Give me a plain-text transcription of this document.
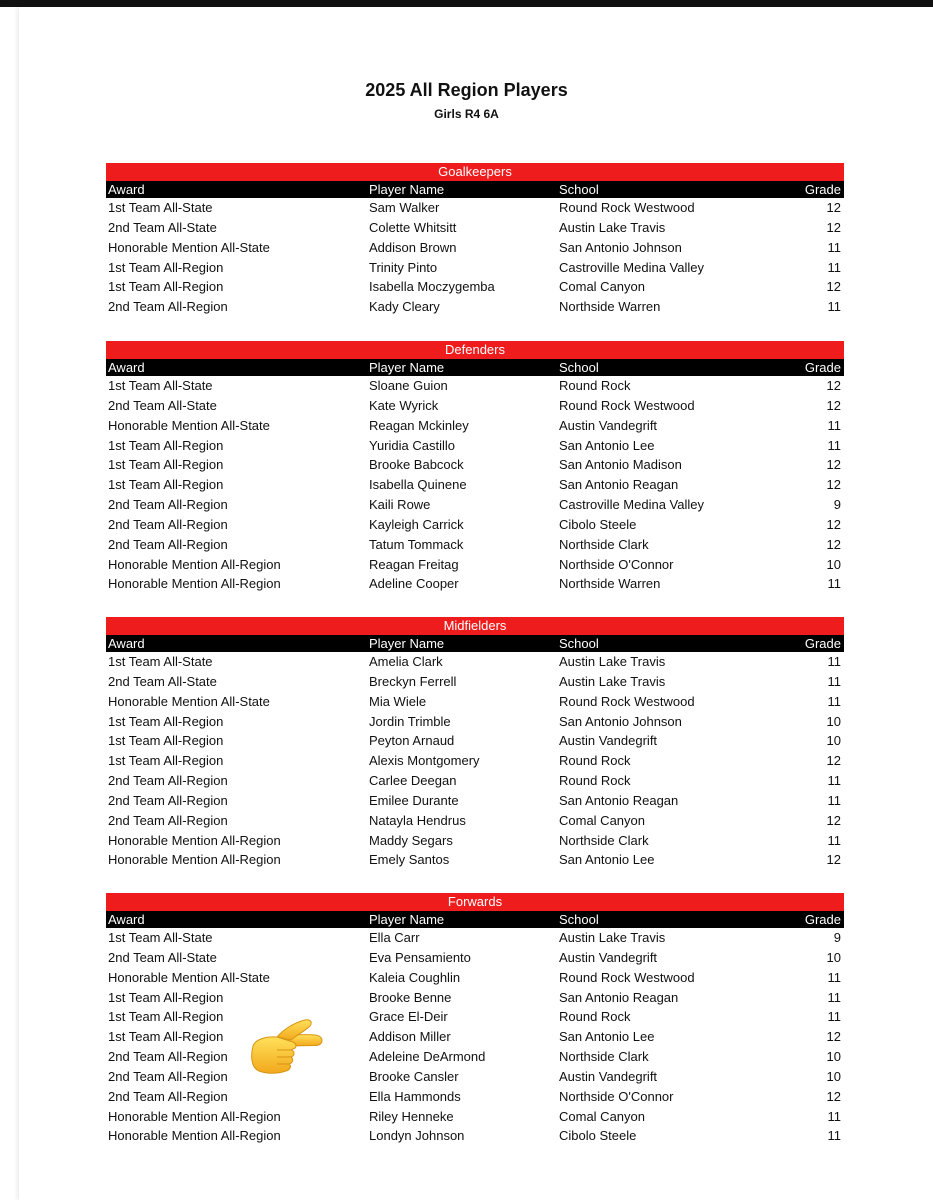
2025 All Region Players
Girls R4 6A
Goalkeepers
Award	Player Name	School	Grade
1st Team All-State	Sam Walker	Round Rock Westwood	12
2nd Team All-State	Colette Whitsitt	Austin Lake Travis	12
Honorable Mention All-State	Addison Brown	San Antonio Johnson	11
1st Team All-Region	Trinity Pinto	Castroville Medina Valley	11
1st Team All-Region	Isabella Moczygemba	Comal Canyon	12
2nd Team All-Region	Kady Cleary	Northside Warren	11
Defenders
Award	Player Name	School	Grade
1st Team All-State	Sloane Guion	Round Rock	12
2nd Team All-State	Kate Wyrick	Round Rock Westwood	12
Honorable Mention All-State	Reagan Mckinley	Austin Vandegrift	11
1st Team All-Region	Yuridia Castillo	San Antonio Lee	11
1st Team All-Region	Brooke Babcock	San Antonio Madison	12
1st Team All-Region	Isabella Quinene	San Antonio Reagan	12
2nd Team All-Region	Kaili Rowe	Castroville Medina Valley	9
2nd Team All-Region	Kayleigh Carrick	Cibolo Steele	12
2nd Team All-Region	Tatum Tommack	Northside Clark	12
Honorable Mention All-Region	Reagan Freitag	Northside O'Connor	10
Honorable Mention All-Region	Adeline Cooper	Northside Warren	11
Midfielders
Award	Player Name	School	Grade
1st Team All-State	Amelia Clark	Austin Lake Travis	11
2nd Team All-State	Breckyn Ferrell	Austin Lake Travis	11
Honorable Mention All-State	Mia Wiele	Round Rock Westwood	11
1st Team All-Region	Jordin Trimble	San Antonio Johnson	10
1st Team All-Region	Peyton Arnaud	Austin Vandegrift	10
1st Team All-Region	Alexis Montgomery	Round Rock	12
2nd Team All-Region	Carlee Deegan	Round Rock	11
2nd Team All-Region	Emilee Durante	San Antonio Reagan	11
2nd Team All-Region	Natayla Hendrus	Comal Canyon	12
Honorable Mention All-Region	Maddy Segars	Northside Clark	11
Honorable Mention All-Region	Emely Santos	San Antonio Lee	12
Forwards
Award	Player Name	School	Grade
1st Team All-State	Ella Carr	Austin Lake Travis	9
2nd Team All-State	Eva Pensamiento	Austin Vandegrift	10
Honorable Mention All-State	Kaleia Coughlin	Round Rock Westwood	11
1st Team All-Region	Brooke Benne	San Antonio Reagan	11
1st Team All-Region	Grace El-Deir	Round Rock	11
1st Team All-Region	Addison Miller	San Antonio Lee	12
2nd Team All-Region	Adeleine DeArmond	Northside Clark	10
2nd Team All-Region	Brooke Cansler	Austin Vandegrift	10
2nd Team All-Region	Ella Hammonds	Northside O'Connor	12
Honorable Mention All-Region	Riley Henneke	Comal Canyon	11
Honorable Mention All-Region	Londyn Johnson	Cibolo Steele	11
